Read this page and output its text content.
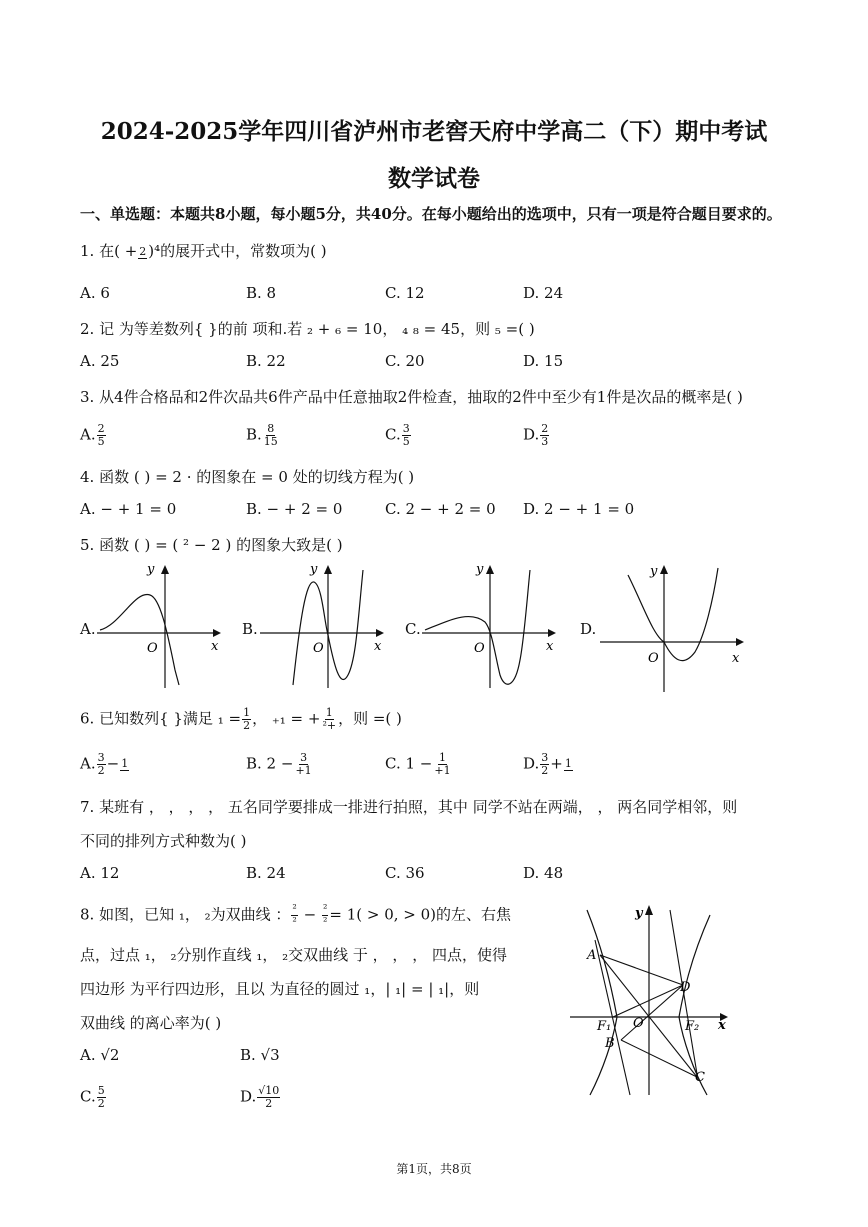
2024-2025学年四川省泸州市老窖天府中学高二（下）期中考试
数学试卷
一、单选题：本题共8小题，每小题5分，共40分。在每小题给出的选项中，只有一项是符合题目要求的。
1. 在( + 2 )⁴的展开式中，常数项为( )
A. 6	B. 8	C. 12	D. 24
2. 记 为等差数列{ }的前 项和.若 ₂ + ₆ = 10， ₄ ₈ = 45，则 ₅ =( )
A. 25	B. 22	C. 20	D. 15
3. 从4件合格品和2件次品共6件产品中任意抽取2件检查，抽取的2件中至少有1件是次品的概率是( )
A. $\frac{2}{5}$	B. $\frac{8}{15}$	C. $\frac{3}{5}$	D. $\frac{2}{3}$
4. 函数 ( ) = 2 · 的图象在 = 0 处的切线方程为( )
A. − + 1 = 0	B. − + 2 = 0	C. 2 − + 2 = 0 D. 2 − + 1 = 0
5. 函数 ( ) = ( ² − 2 ) 的图象大致是( )
A.
y
x
O
B.
y
x
O
C.
y
x
O
D.
y
x
O
6. 已知数列{ }满足 $_1 = \frac{1}{2}$ ， ₊₁ = + $\frac{1}{\text{²+}}$ ，则 =( )
A. $\frac{3}{2} - 1$	B. $2 - \frac{3}{+1}$	C. $1 - \frac{1}{+1}$	D. $\frac{3}{2} + 1$
7. 某班有 ， ， ， ， 五名同学要排成一排进行拍照，其中 同学不站在两端， ， 两名同学相邻，则
不同的排列方式种数为( )
A. 12	B. 24	C. 36	D. 48
8. 如图，已知 ₁， ₂为双曲线 ： $\frac{\text{²}}{\text{²}} - \frac{\text{²}}{\text{²}} = 1( > 0$, > 0)的左、右焦
点，过点 ₁， ₂分别作直线 ₁， ₂交双曲线 于 ， ， ， 四点，使得
四边形 为平行四边形，且以 为直径的圆过 ₁，| ₁| = | ₁|，则
双曲线 的离心率为( )
A. √2	B. √3
C. $\frac{5}{2}$	D. $\frac{√10}{2}$
y
x
O
A
B
C
D
F₁	F₂
第1页，共8页
